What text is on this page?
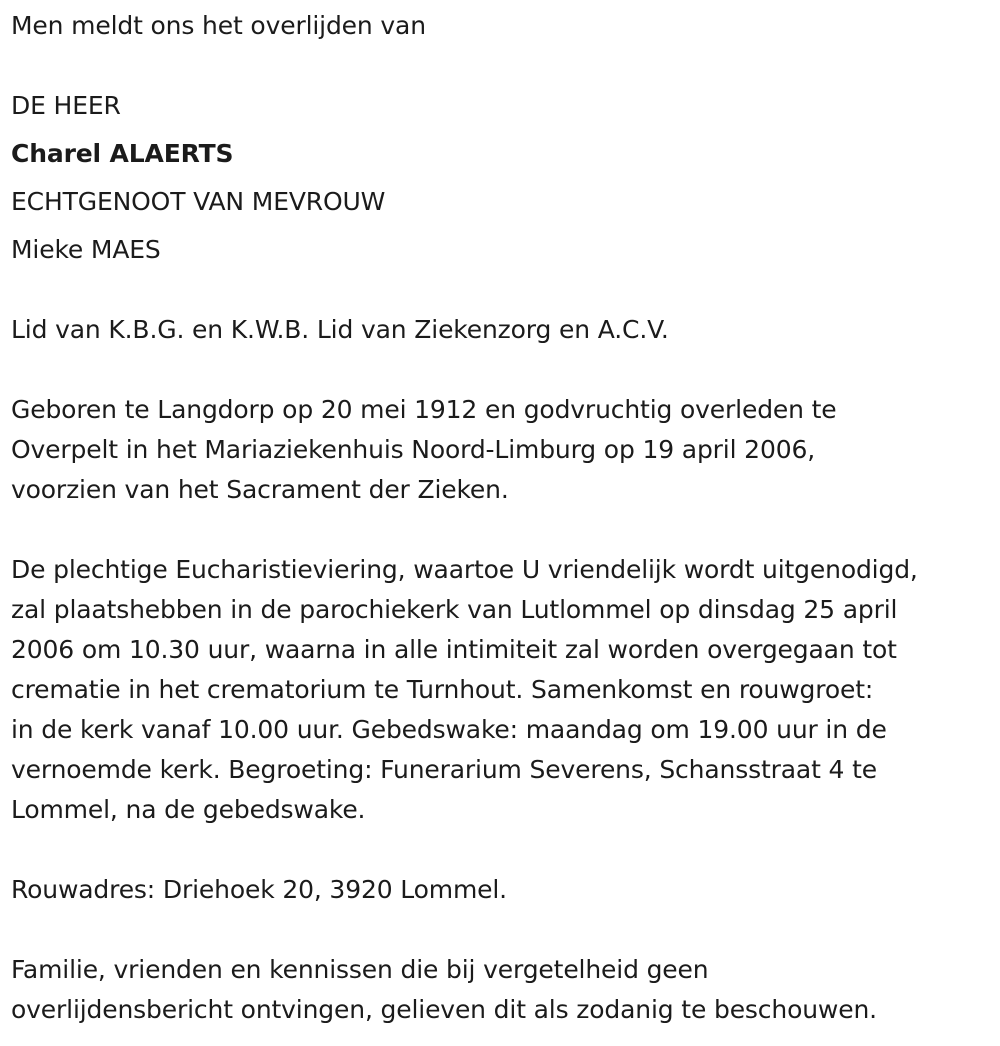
Men meldt ons het overlijden van
DE HEER
Charel ALAERTS
ECHTGENOOT VAN MEVROUW
Mieke MAES
Lid van K.B.G. en K.W.B. Lid van Ziekenzorg en A.C.V.
Geboren te Langdorp op 20 mei 1912 en godvruchtig overleden te
Overpelt in het Mariaziekenhuis Noord-Limburg op 19 april 2006,
voorzien van het Sacrament der Zieken.
De plechtige Eucharistieviering, waartoe U vriendelijk wordt uitgenodigd,
zal plaatshebben in de parochiekerk van Lutlommel op dinsdag 25 april
2006 om 10.30 uur, waarna in alle intimiteit zal worden overgegaan tot
crematie in het crematorium te Turnhout. Samenkomst en rouwgroet:
in de kerk vanaf 10.00 uur. Gebedswake: maandag om 19.00 uur in de
vernoemde kerk. Begroeting: Funerarium Severens, Schansstraat 4 te
Lommel, na de gebedswake.
Rouwadres: Driehoek 20, 3920 Lommel.
Familie, vrienden en kennissen die bij vergetelheid geen
overlijdensbericht ontvingen, gelieven dit als zodanig te beschouwen.
